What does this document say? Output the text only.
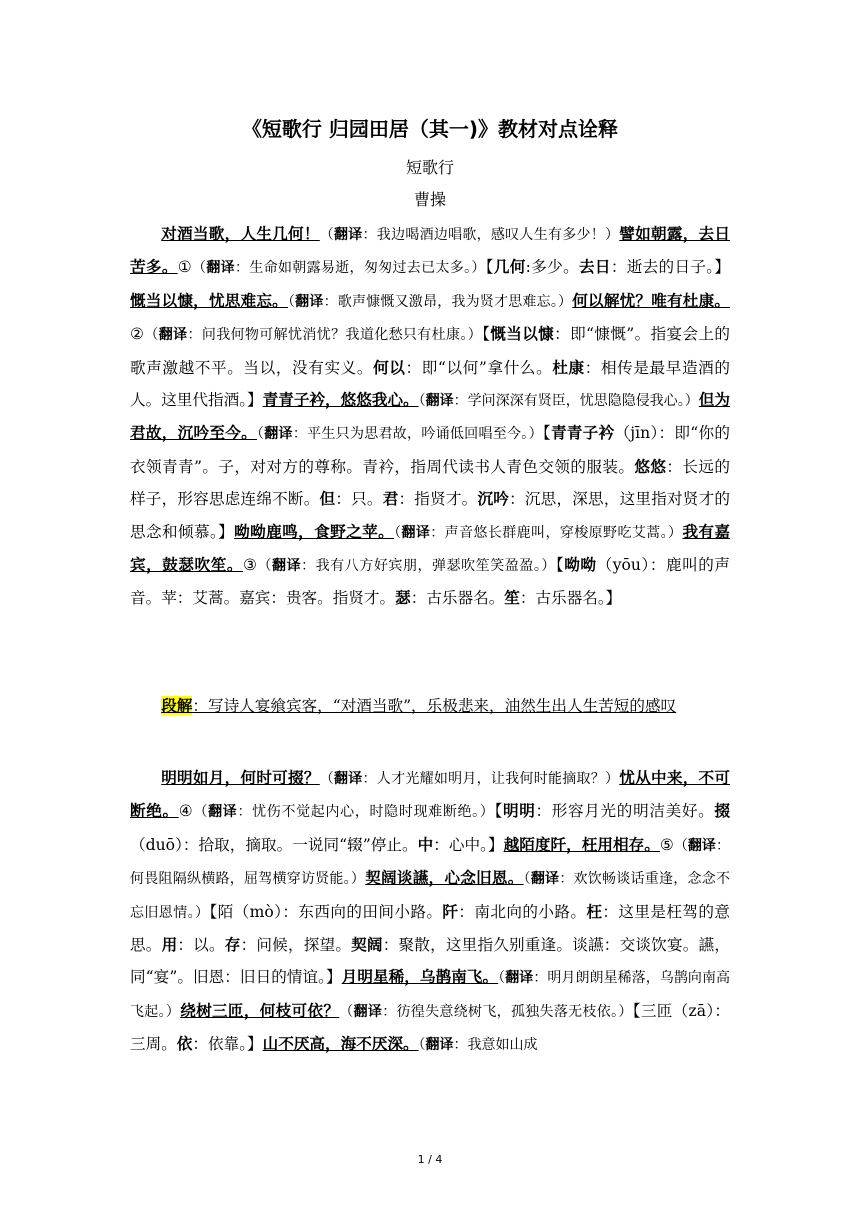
《短歌行 归园田居（其一)》教材对点诠释
短歌行
曹操
对酒当歌，人生几何！（翻译：我边喝酒边唱歌，感叹人生有多少！）譬如朝露，去日苦多。①（翻译：生命如朝露易逝，匆匆过去已太多。）【几何:多少。去日：逝去的日子。】慨当以慷，忧思难忘。（翻译：歌声慷慨又激昂，我为贤才思难忘。）何以解忧？唯有杜康。②（翻译：问我何物可解忧消忧？我道化愁只有杜康。）【慨当以慷：即“慷慨”。指宴会上的歌声激越不平。当以，没有实义。何以：即“以何”拿什么。杜康：相传是最早造酒的人。这里代指酒。】青青子衿，悠悠我心。（翻译：学问深深有贤臣，忧思隐隐侵我心。）但为君故，沉吟至今。（翻译：平生只为思君故，吟诵低回唱至今。）【青青子衿（jīn）：即“你的衣领青青”。子，对对方的尊称。青衿，指周代读书人青色交领的服装。悠悠：长远的样子，形容思虑连绵不断。但：只。君：指贤才。沉吟：沉思，深思，这里指对贤才的思念和倾慕。】呦呦鹿鸣，食野之苹。（翻译：声音悠长群鹿叫，穿梭原野吃艾蒿。）我有嘉宾，鼓瑟吹笙。③（翻译：我有八方好宾朋，弹瑟吹笙笑盈盈。）【呦呦（yōu）：鹿叫的声音。苹：艾蒿。嘉宾：贵客。指贤才。瑟：古乐器名。笙：古乐器名。】
段解：写诗人宴飨宾客，“对酒当歌”，乐极悲来，油然生出人生苦短的感叹
明明如月，何时可掇？（翻译：人才光耀如明月，让我何时能摘取？）忧从中来，不可断绝。④（翻译：忧伤不觉起内心，时隐时现难断绝。）【明明：形容月光的明洁美好。掇（duō）：拾取，摘取。一说同“辍”停止。中：心中。】越陌度阡，枉用相存。⑤（翻译：何畏阻隔纵横路，屈驾横穿访贤能。）契阔谈讌，心念旧恩。（翻译：欢饮畅谈话重逢，念念不忘旧恩情。）【陌（mò）：东西向的田间小路。阡：南北向的小路。枉：这里是枉驾的意思。用：以。存：问候，探望。契阔：聚散，这里指久别重逢。谈讌：交谈饮宴。讌，同“宴”。旧恩：旧日的情谊。】月明星稀，乌鹊南飞。（翻译：明月朗朗星稀落，乌鹊向南高飞起。）绕树三匝，何枝可依？（翻译：彷徨失意绕树飞，孤独失落无枝依。）【三匝（zā）：三周。依：依靠。】山不厌高，海不厌深。（翻译：我意如山成
1 / 4
